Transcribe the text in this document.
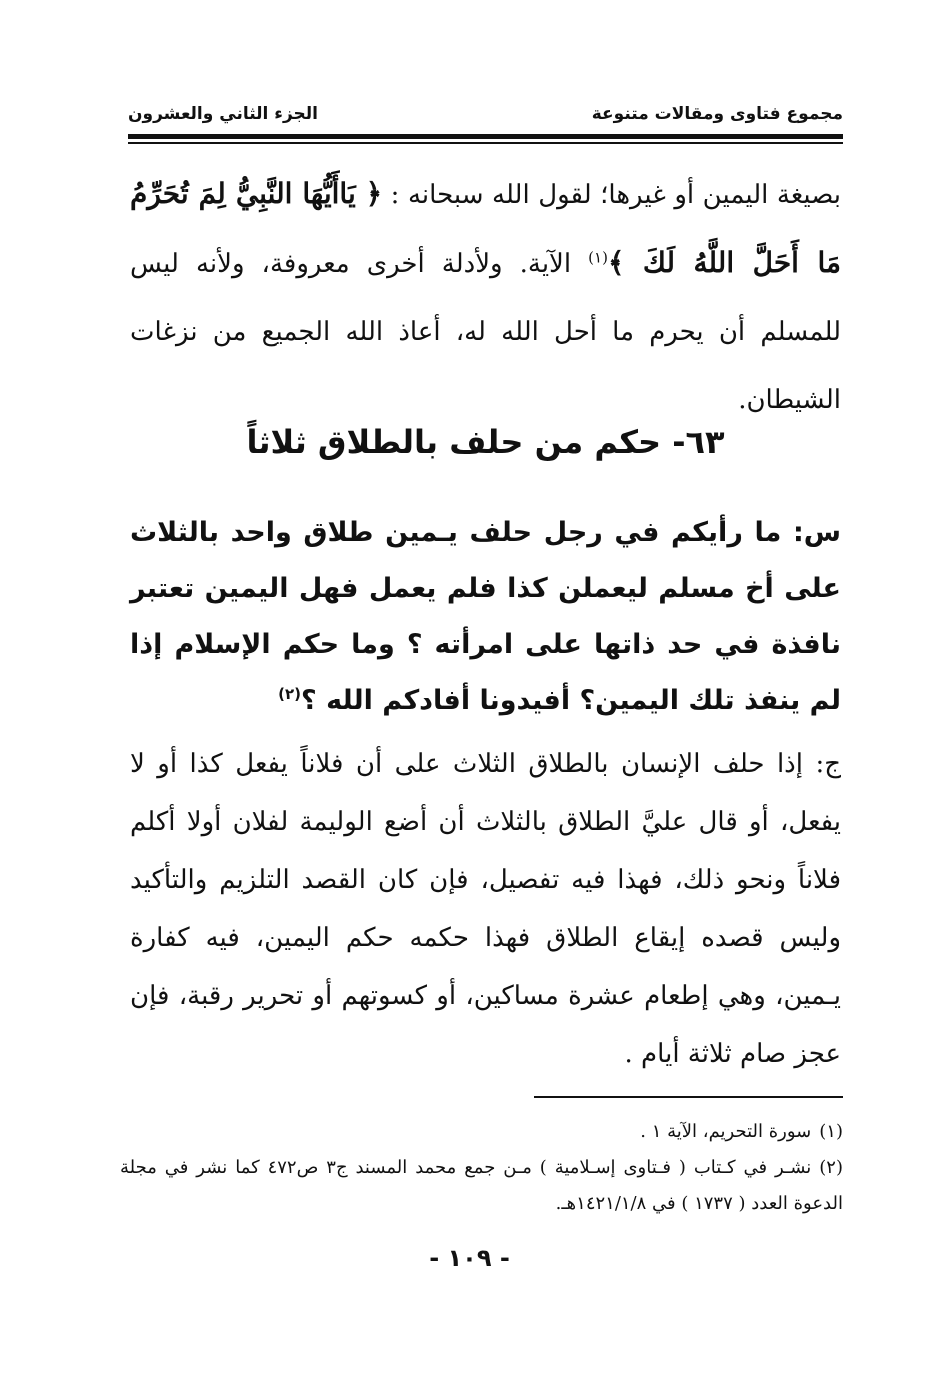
الجزء الثاني والعشرون	مجموع فتاوى ومقالات متنوعة
بصيغة اليمين أو غيرها؛ لقول الله سبحانه : ﴿ يَاأَيُّهَا النَّبِيُّ لِمَ تُحَرِّمُ مَا أَحَلَّ اللَّهُ لَكَ ﴾$^{(١)}$ الآية. ولأدلة أخرى معروفة، ولأنه ليس للمسلم أن يحرم ما أحل الله له، أعاذ الله الجميع من نزغات الشيطان.
٦٣- حكم من حلف بالطلاق ثلاثاً
س: ما رأيكم في رجل حلف يـمين طلاق واحد بالثلاث على أخ مسلم ليعملن كذا فلم يعمل فهل اليمين تعتبر نافذة في حد ذاتها على امرأته ؟ وما حكم الإسلام إذا لم ينفذ تلك اليمين؟ أفيدونا أفادكم الله ؟$^{(٢)}$
ج: إذا حلف الإنسان بالطلاق الثلاث على أن فلاناً يفعل كذا أو لا يفعل، أو قال عليَّ الطلاق بالثلاث أن أضع الوليمة لفلان أولا أكلم فلاناً ونحو ذلك، فهذا فيه تفصيل، فإن كان القصد التلزيم والتأكيد وليس قصده إيقاع الطلاق فهذا حكمه حكم اليمين، فيه كفارة يـمين، وهي إطعام عشرة مساكين، أو كسوتهم أو تحرير رقبة، فإن عجز صام ثلاثة أيام .

(١)سورة التحريم، الآية ١ .

(٢)نشـر في كـتاب ( فـتاوى إسـلامية ) مـن جمع محمد المسند ج٣ ص٤٧٢ كما نشر في مجلة الدعوة العدد ( ١٧٣٧ ) في ١٤٢١/١/٨هـ.

- ١٠٩ -
